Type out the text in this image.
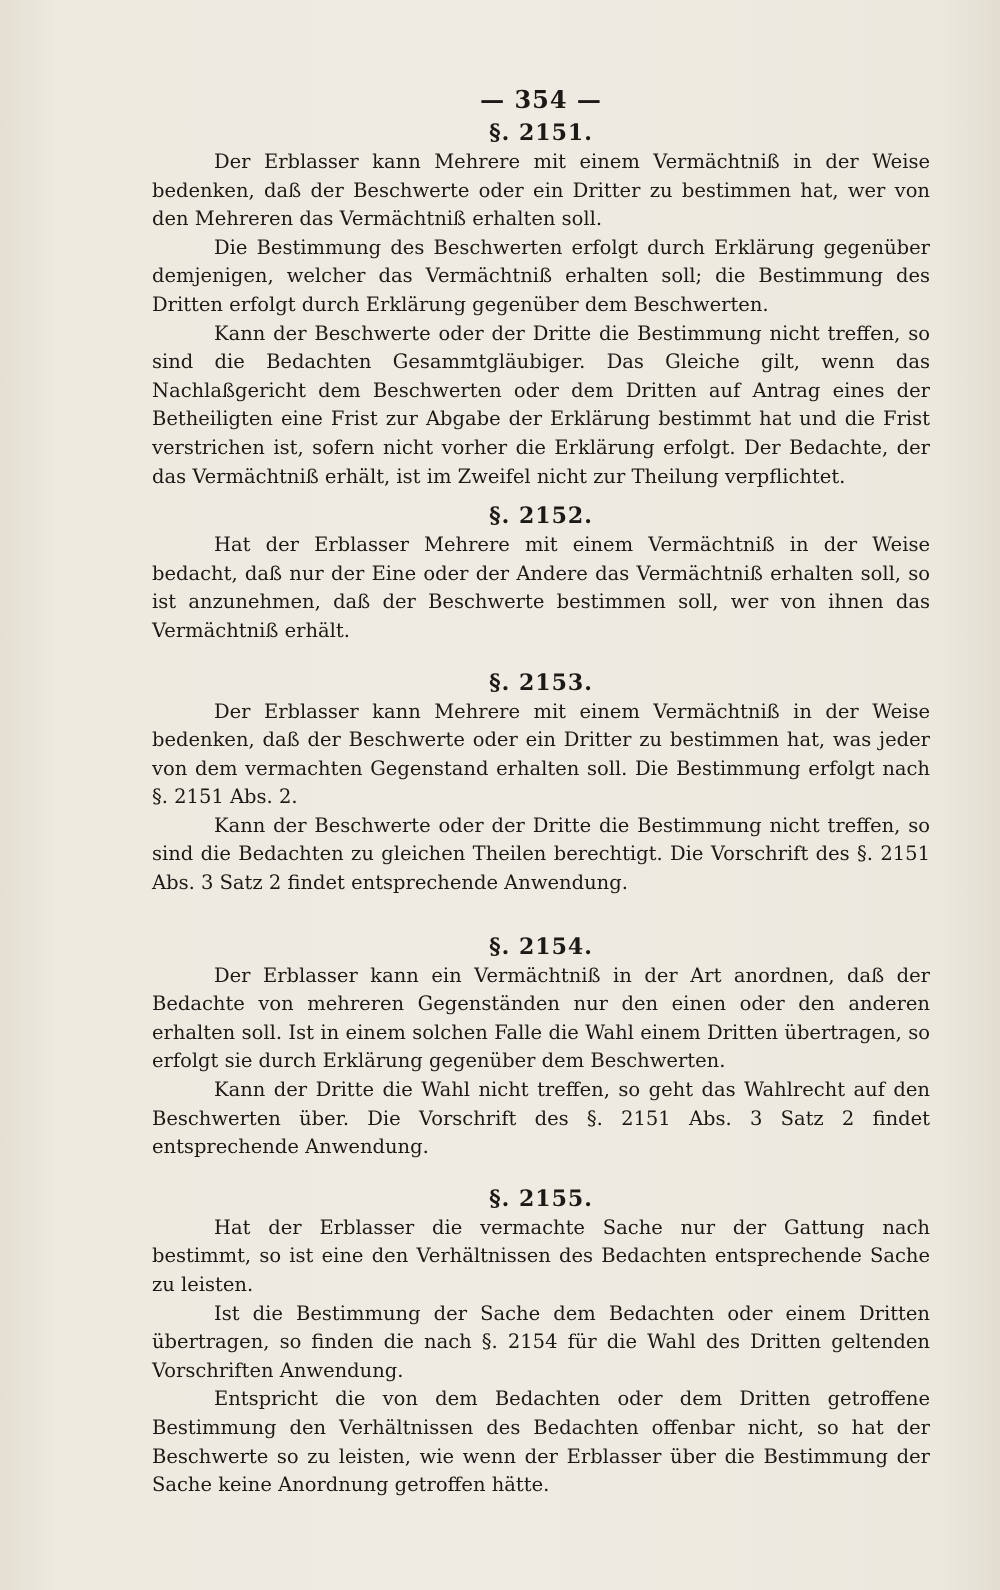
— 354 —
§. 2151.

Der Erblasser kann Mehrere mit einem Vermächtniß in der Weise bedenken, daß der Beschwerte oder ein Dritter zu bestimmen hat, wer von den Mehreren das Vermächtniß erhalten soll.

Die Bestimmung des Beschwerten erfolgt durch Erklärung gegenüber demjenigen, welcher das Vermächtniß erhalten soll; die Bestimmung des Dritten erfolgt durch Erklärung gegenüber dem Beschwerten.

Kann der Beschwerte oder der Dritte die Bestimmung nicht treffen, so sind die Bedachten Gesammtgläubiger. Das Gleiche gilt, wenn das Nachlaßgericht dem Beschwerten oder dem Dritten auf Antrag eines der Betheiligten eine Frist zur Abgabe der Erklärung bestimmt hat und die Frist verstrichen ist, sofern nicht vorher die Erklärung erfolgt. Der Bedachte, der das Vermächtniß erhält, ist im Zweifel nicht zur Theilung verpflichtet.

§. 2152.

Hat der Erblasser Mehrere mit einem Vermächtniß in der Weise bedacht, daß nur der Eine oder der Andere das Vermächtniß erhalten soll, so ist anzunehmen, daß der Beschwerte bestimmen soll, wer von ihnen das Vermächtniß erhält.

§. 2153.

Der Erblasser kann Mehrere mit einem Vermächtniß in der Weise bedenken, daß der Beschwerte oder ein Dritter zu bestimmen hat, was jeder von dem vermachten Gegenstand erhalten soll. Die Bestimmung erfolgt nach §. 2151 Abs. 2.

Kann der Beschwerte oder der Dritte die Bestimmung nicht treffen, so sind die Bedachten zu gleichen Theilen berechtigt. Die Vorschrift des §. 2151 Abs. 3 Satz 2 findet entsprechende Anwendung.

§. 2154.

Der Erblasser kann ein Vermächtniß in der Art anordnen, daß der Bedachte von mehreren Gegenständen nur den einen oder den anderen erhalten soll. Ist in einem solchen Falle die Wahl einem Dritten übertragen, so erfolgt sie durch Erklärung gegenüber dem Beschwerten.

Kann der Dritte die Wahl nicht treffen, so geht das Wahlrecht auf den Beschwerten über. Die Vorschrift des §. 2151 Abs. 3 Satz 2 findet entsprechende Anwendung.

§. 2155.

Hat der Erblasser die vermachte Sache nur der Gattung nach bestimmt, so ist eine den Verhältnissen des Bedachten entsprechende Sache zu leisten.

Ist die Bestimmung der Sache dem Bedachten oder einem Dritten übertragen, so finden die nach §. 2154 für die Wahl des Dritten geltenden Vorschriften Anwendung.

Entspricht die von dem Bedachten oder dem Dritten getroffene Bestimmung den Verhältnissen des Bedachten offenbar nicht, so hat der Beschwerte so zu leisten, wie wenn der Erblasser über die Bestimmung der Sache keine Anordnung getroffen hätte.
